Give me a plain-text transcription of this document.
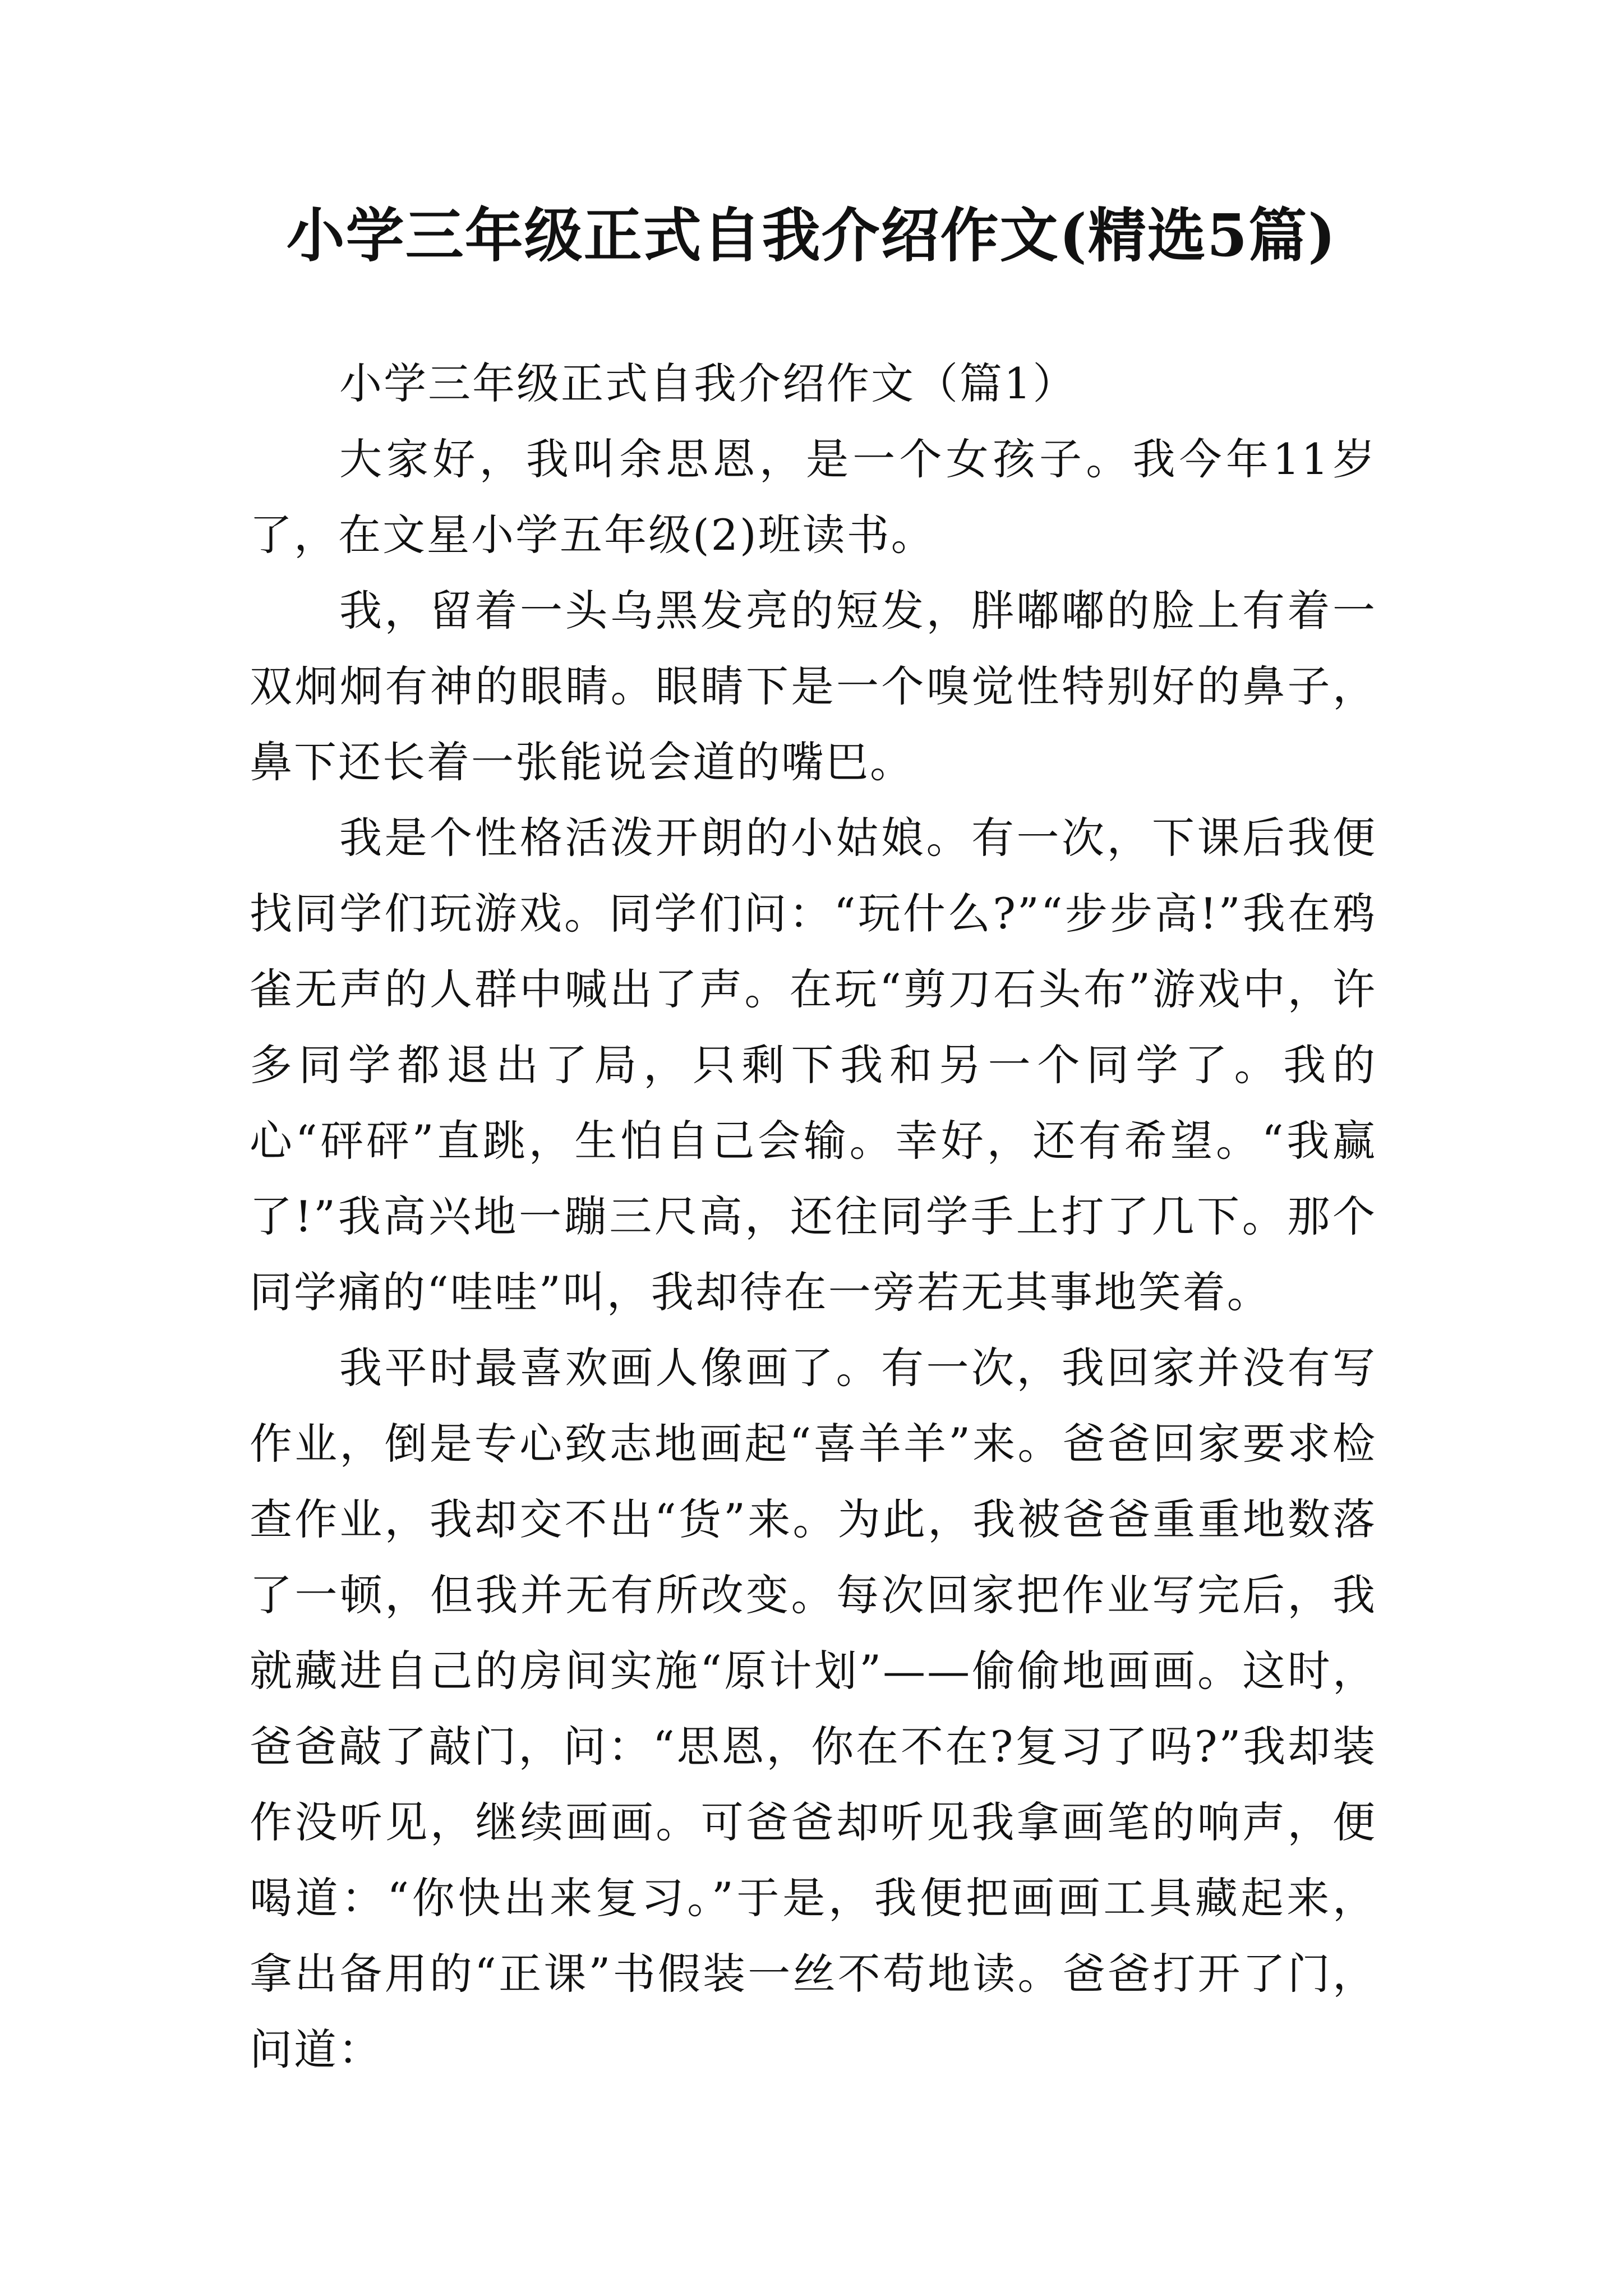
小学三年级正式自我介绍作文(精选5篇)

小学三年级正式自我介绍作文（篇1）

大家好，我叫余思恩，是一个女孩子。我今年11岁了，在文星小学五年级(2)班读书。

我，留着一头乌黑发亮的短发，胖嘟嘟的脸上有着一双炯炯有神的眼睛。眼睛下是一个嗅觉性特别好的鼻子，鼻下还长着一张能说会道的嘴巴。

我是个性格活泼开朗的小姑娘。有一次，下课后我便找同学们玩游戏。同学们问：“玩什么?”“步步高!”我在鸦雀无声的人群中喊出了声。在玩“剪刀石头布”游戏中，许多同学都退出了局，只剩下我和另一个同学了。我的心“砰砰”直跳，生怕自己会输。幸好，还有希望。“我赢了!”我高兴地一蹦三尺高，还往同学手上打了几下。那个同学痛的“哇哇”叫，我却待在一旁若无其事地笑着。

我平时最喜欢画人像画了。有一次，我回家并没有写作业，倒是专心致志地画起“喜羊羊”来。爸爸回家要求检查作业，我却交不出“货”来。为此，我被爸爸重重地数落了一顿，但我并无有所改变。每次回家把作业写完后，我就藏进自己的房间实施“原计划”——偷偷地画画。这时，爸爸敲了敲门，问：“思恩，你在不在?复习了吗?”我却装作没听见，继续画画。可爸爸却听见我拿画笔的响声，便喝道：“你快出来复习。”于是，我便把画画工具藏起来，拿出备用的“正课”书假装一丝不苟地读。爸爸打开了门，问道：
